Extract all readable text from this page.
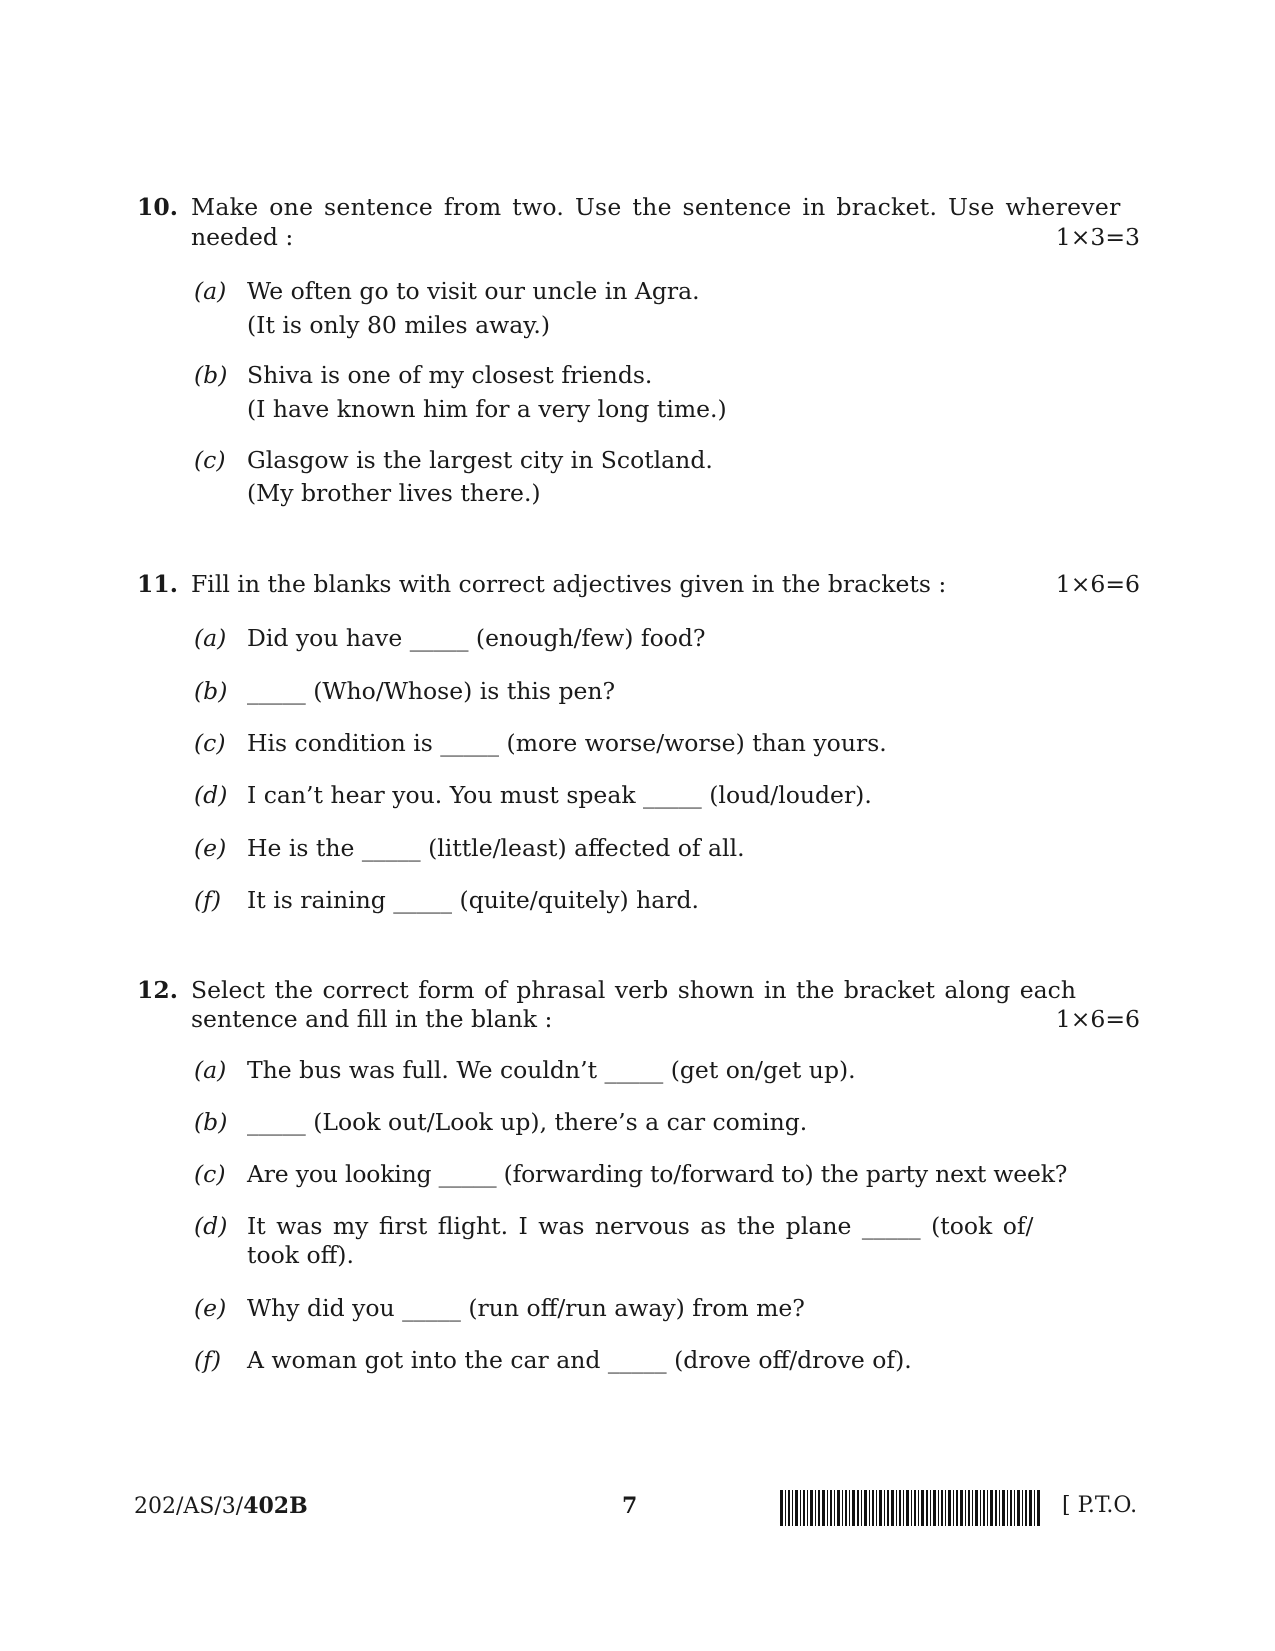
10. Make one sentence from two. Use the sentence in bracket. Use wherever
needed :	1×3=3
(a) We often go to visit our uncle in Agra.
(It is only 80 miles away.)
(b) Shiva is one of my closest friends.
(I have known him for a very long time.)
(c) Glasgow is the largest city in Scotland.
(My brother lives there.)
11. Fill in the blanks with correct adjectives given in the brackets :	1×6=6
(a) Did you have _____ (enough/few) food?
(b) _____ (Who/Whose) is this pen?
(c) His condition is _____ (more worse/worse) than yours.
(d) I can’t hear you. You must speak _____ (loud/louder).
(e) He is the _____ (little/least) affected of all.
(f) It is raining _____ (quite/quitely) hard.
12. Select the correct form of phrasal verb shown in the bracket along each
sentence and fill in the blank :	1×6=6
(a) The bus was full. We couldn’t _____ (get on/get up).
(b) _____ (Look out/Look up), there’s a car coming.
(c) Are you looking _____ (forwarding to/forward to) the party next week?
(d) It was my first flight. I was nervous as the plane _____ (took of/
took off).
(e) Why did you _____ (run off/run away) from me?
(f) A woman got into the car and _____ (drove off/drove of).
202/AS/3/402B	7	[ P.T.O.
